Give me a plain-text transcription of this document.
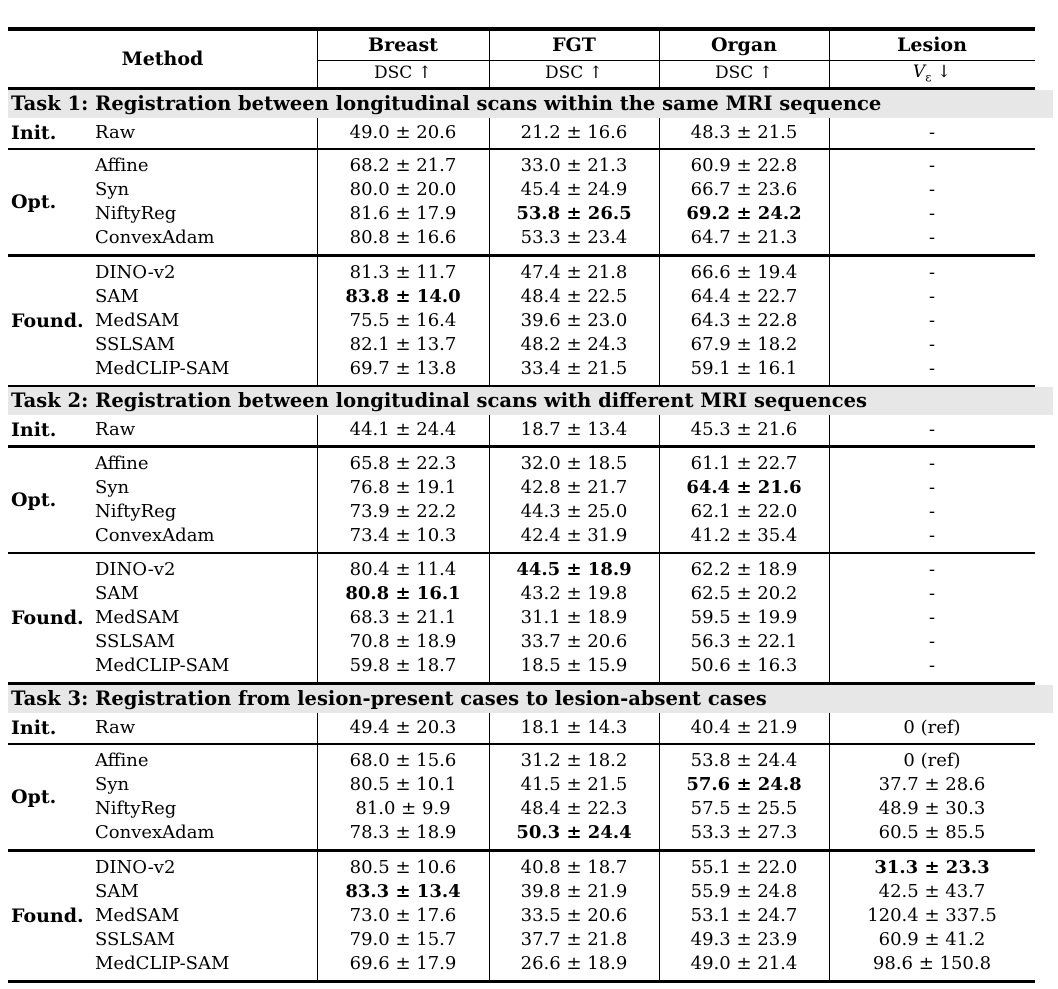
Method
Breast	FGT	Organ	Lesion
DSC ↑	DSC ↑	DSC ↑	$V_\varepsilon$ ↓
Task 1: Registration between longitudinal scans within the same MRI sequence
Init. Raw	49.0 ± 20.6	21.2 ± 16.6	48.3 ± 21.5	-
Opt.
Affine	68.2 ± 21.7	33.0 ± 21.3	60.9 ± 22.8	-
Syn	80.0 ± 20.0	45.4 ± 24.9	66.7 ± 23.6	-
NiftyReg	81.6 ± 17.9	53.8 ± 26.5	69.2 ± 24.2	-
ConvexAdam	80.8 ± 16.6	53.3 ± 23.4	64.7 ± 21.3	-
Found.
DINO-v2	81.3 ± 11.7	47.4 ± 21.8	66.6 ± 19.4	-
SAM	83.8 ± 14.0	48.4 ± 22.5	64.4 ± 22.7	-
MedSAM	75.5 ± 16.4	39.6 ± 23.0	64.3 ± 22.8	-
SSLSAM	82.1 ± 13.7	48.2 ± 24.3	67.9 ± 18.2	-
MedCLIP-SAM	69.7 ± 13.8	33.4 ± 21.5	59.1 ± 16.1	-
Task 2: Registration between longitudinal scans with different MRI sequences
Init. Raw	44.1 ± 24.4	18.7 ± 13.4	45.3 ± 21.6	-
Opt.
Affine	65.8 ± 22.3	32.0 ± 18.5	61.1 ± 22.7	-
Syn	76.8 ± 19.1	42.8 ± 21.7	64.4 ± 21.6	-
NiftyReg	73.9 ± 22.2	44.3 ± 25.0	62.1 ± 22.0	-
ConvexAdam	73.4 ± 10.3	42.4 ± 31.9	41.2 ± 35.4	-
Found.
DINO-v2	80.4 ± 11.4	44.5 ± 18.9	62.2 ± 18.9	-
SAM	80.8 ± 16.1	43.2 ± 19.8	62.5 ± 20.2	-
MedSAM	68.3 ± 21.1	31.1 ± 18.9	59.5 ± 19.9	-
SSLSAM	70.8 ± 18.9	33.7 ± 20.6	56.3 ± 22.1	-
MedCLIP-SAM	59.8 ± 18.7	18.5 ± 15.9	50.6 ± 16.3	-
Task 3: Registration from lesion-present cases to lesion-absent cases
Init. Raw	49.4 ± 20.3	18.1 ± 14.3	40.4 ± 21.9	0 (ref)
Opt.
Affine	68.0 ± 15.6	31.2 ± 18.2	53.8 ± 24.4	0 (ref)
Syn	80.5 ± 10.1	41.5 ± 21.5	57.6 ± 24.8	37.7 ± 28.6
NiftyReg	81.0 ± 9.9	48.4 ± 22.3	57.5 ± 25.5	48.9 ± 30.3
ConvexAdam	78.3 ± 18.9	50.3 ± 24.4	53.3 ± 27.3	60.5 ± 85.5
Found.
DINO-v2	80.5 ± 10.6	40.8 ± 18.7	55.1 ± 22.0	31.3 ± 23.3
SAM	83.3 ± 13.4	39.8 ± 21.9	55.9 ± 24.8	42.5 ± 43.7
MedSAM	73.0 ± 17.6	33.5 ± 20.6	53.1 ± 24.7	120.4 ± 337.5
SSLSAM	79.0 ± 15.7	37.7 ± 21.8	49.3 ± 23.9	60.9 ± 41.2
MedCLIP-SAM	69.6 ± 17.9	26.6 ± 18.9	49.0 ± 21.4	98.6 ± 150.8
